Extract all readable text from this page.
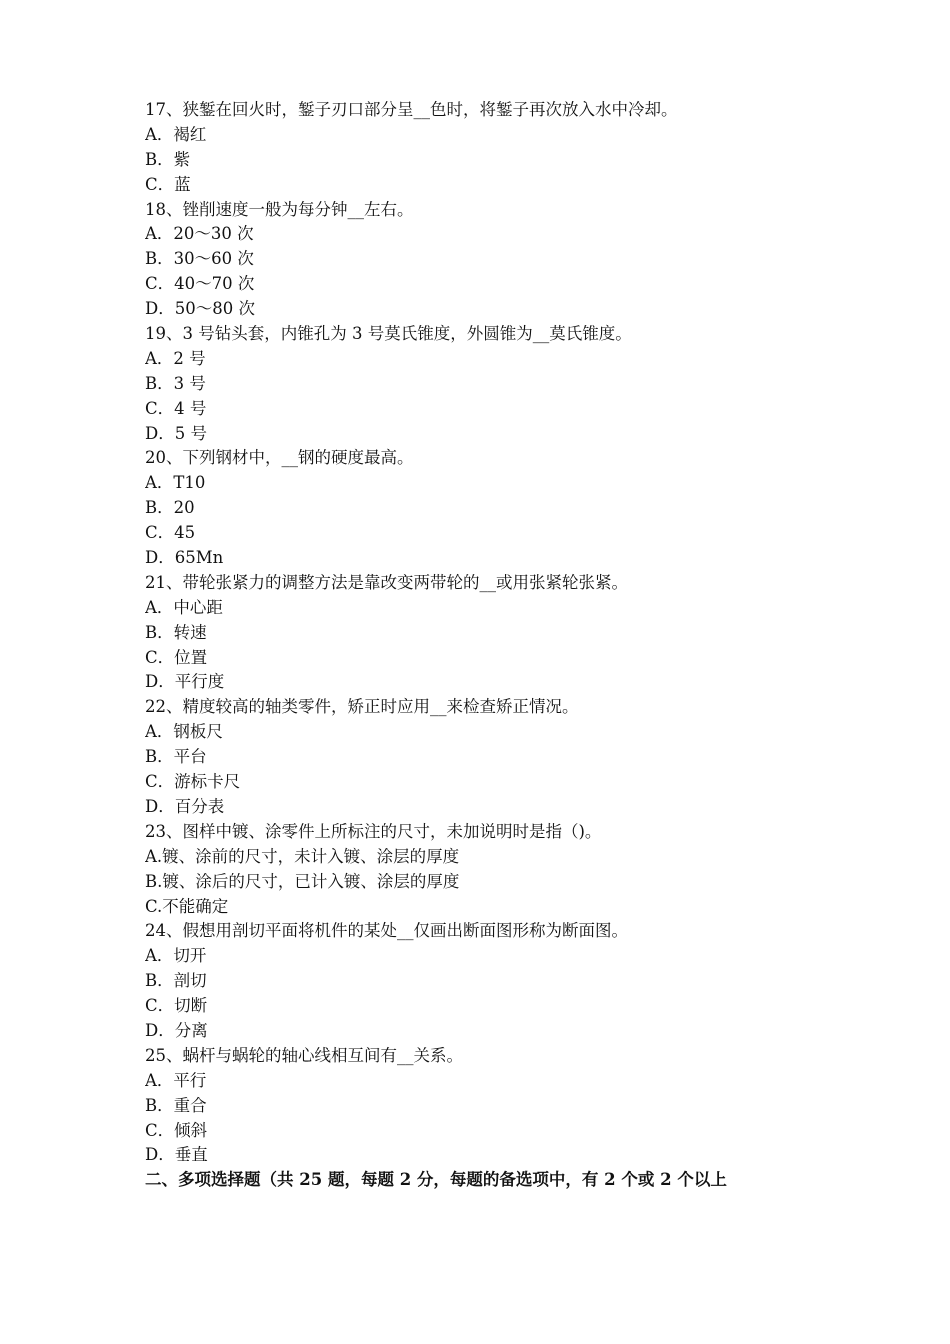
17、狭錾在回火时，錾子刃口部分呈__色时，将錾子再次放入水中冷却。
A．褐红
B．紫
C．蓝
18、锉削速度一般为每分钟__左右。
A．20～30 次
B．30～60 次
C．40～70 次
D．50～80 次
19、3 号钻头套，内锥孔为 3 号莫氏锥度，外圆锥为__莫氏锥度。
A．2 号
B．3 号
C．4 号
D．5 号
20、下列钢材中，__钢的硬度最高。
A．T10
B．20
C．45
D．65Mn
21、带轮张紧力的调整方法是靠改变两带轮的__或用张紧轮张紧。
A．中心距
B．转速
C．位置
D．平行度
22、精度较高的轴类零件，矫正时应用__来检查矫正情况。
A．钢板尺
B．平台
C．游标卡尺
D．百分表
23、图样中镀、涂零件上所标注的尺寸，未加说明时是指（)。
A.镀、涂前的尺寸，未计入镀、涂层的厚度
B.镀、涂后的尺寸，已计入镀、涂层的厚度
C.不能确定
24、假想用剖切平面将机件的某处__仅画出断面图形称为断面图。
A．切开
B．剖切
C．切断
D．分离
25、蜗杆与蜗轮的轴心线相互间有__关系。
A．平行
B．重合
C．倾斜
D．垂直
二、多项选择题（共 25 题，每题 2 分，每题的备选项中，有 2 个或 2 个以上
